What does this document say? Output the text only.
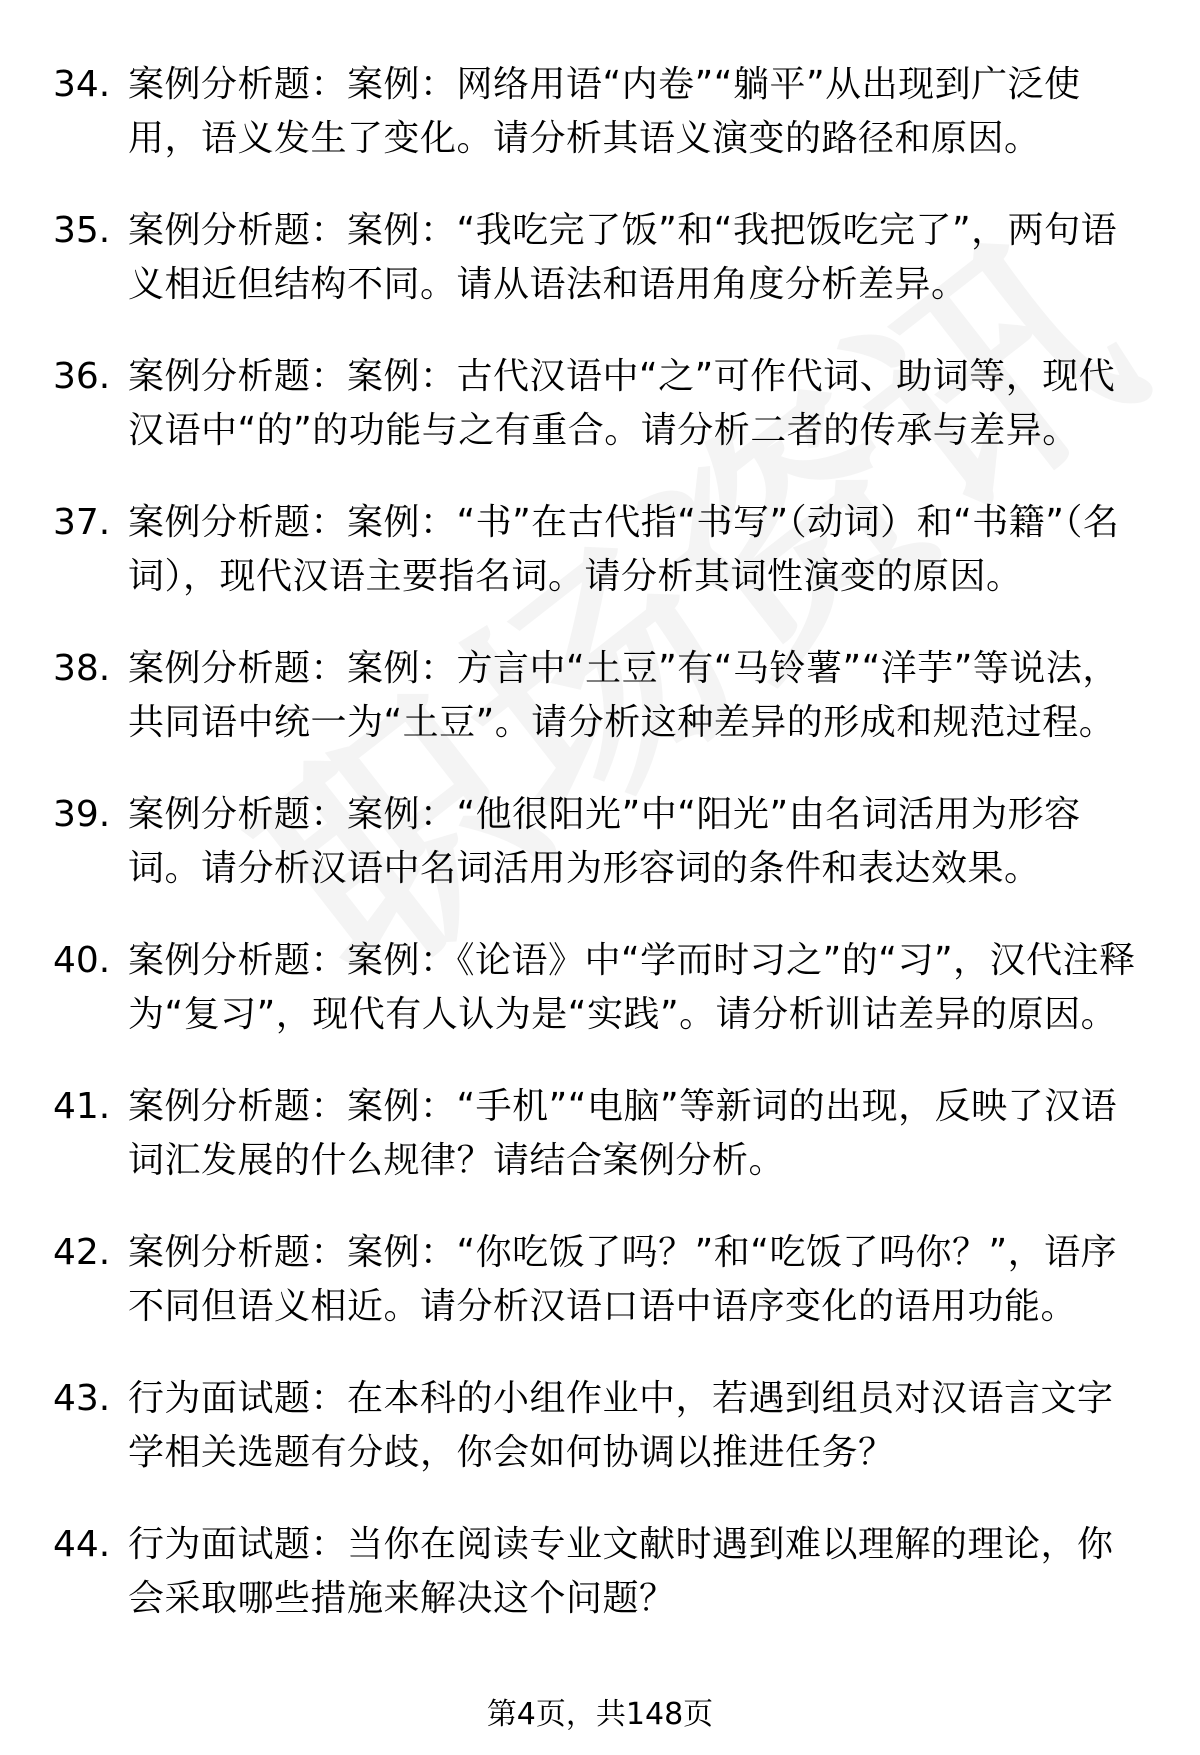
34. 案例分析题：案例：网络用语“内卷”“躺平”从出现到广泛使用，语义发生了变化。请分析其语义演变的路径和原因。
35. 案例分析题：案例：“我吃完了饭”和“我把饭吃完了”，两句语义相近但结构不同。请从语法和语用角度分析差异。
36. 案例分析题：案例：古代汉语中“之”可作代词、助词等，现代汉语中“的”的功能与之有重合。请分析二者的传承与差异。
37. 案例分析题：案例：“书”在古代指“书写”（动词）和“书籍”（名词），现代汉语主要指名词。请分析其词性演变的原因。
38. 案例分析题：案例：方言中“土豆”有“马铃薯”“洋芋”等说法，共同语中统一为“土豆”。请分析这种差异的形成和规范过程。
39. 案例分析题：案例：“他很阳光”中“阳光”由名词活用为形容词。请分析汉语中名词活用为形容词的条件和表达效果。
40. 案例分析题：案例：《论语》中“学而时习之”的“习”，汉代注释为“复习”，现代有人认为是“实践”。请分析训诂差异的原因。
41. 案例分析题：案例：“手机”“电脑”等新词的出现，反映了汉语词汇发展的什么规律？请结合案例分析。
42. 案例分析题：案例：“你吃饭了吗？”和“吃饭了吗你？”，语序不同但语义相近。请分析汉语口语中语序变化的语用功能。
43. 行为面试题：在本科的小组作业中，若遇到组员对汉语言文字学相关选题有分歧，你会如何协调以推进任务？
44. 行为面试题：当你在阅读专业文献时遇到难以理解的理论，你会采取哪些措施来解决这个问题？
第4页，共148页
